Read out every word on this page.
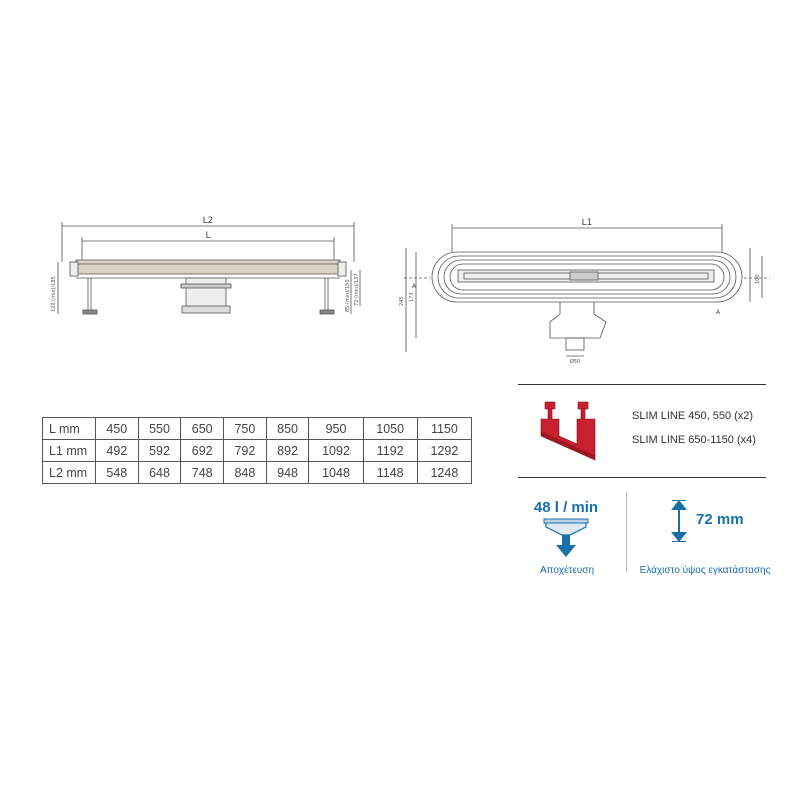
L2
L
120 (min)/185	85 (min)/150 72 (min)/137
L1
A
A
245 173
100
Ø50
L mm	450	550	650	750	850	950	1050	1150
L1 mm	492	592	692	792	892	1092	1192	1292
L2 mm	548	648	748	848	948	1048	1148	1248
SLIM LINE 450, 550 (x2)
SLIM LINE 650-1150 (x4)
48 l / min
Αποχέτευση
72 mm
Ελάχιστο ύψος εγκατάστασης
